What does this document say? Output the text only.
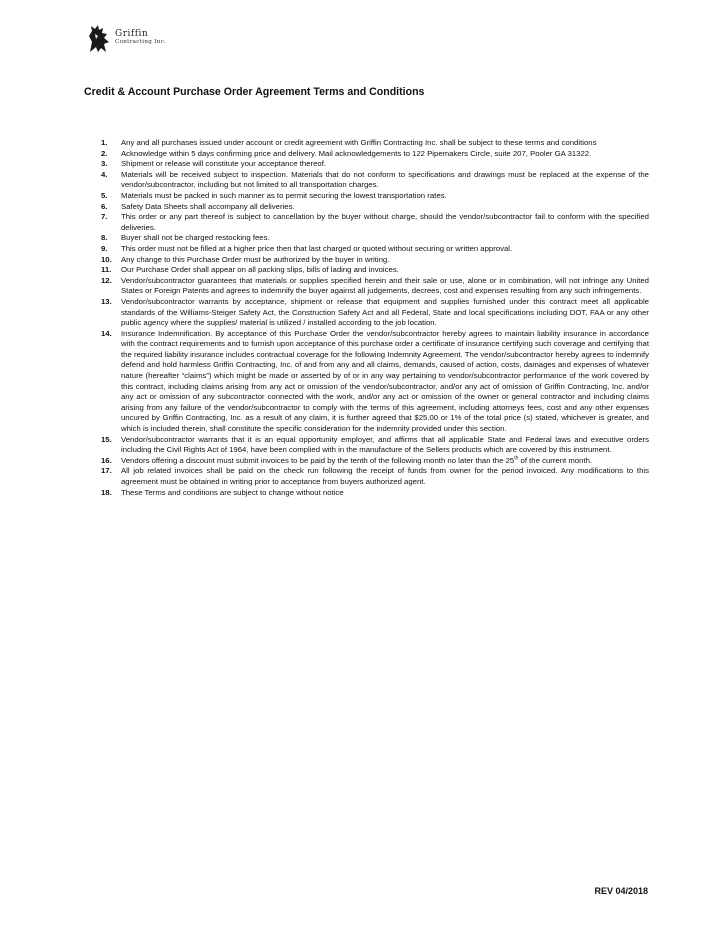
Griffin
Contracting Inc.
Credit & Account Purchase Order Agreement Terms and Conditions
1. Any and all purchases issued under account or credit agreement with Griffin Contracting Inc. shall be subject to these terms and conditions
2. Acknowledge within 5 days confirming price and delivery. Mail acknowledgements to 122 Pipemakers Circle, suite 207, Pooler GA 31322.
3. Shipment or release will constitute your acceptance thereof.
4. Materials will be received subject to inspection. Materials that do not conform to specifications and drawings must be replaced at the expense of the vendor/subcontractor, including but not limited to all transportation charges.
5. Materials must be packed in such manner as to permit securing the lowest transportation rates.
6. Safety Data Sheets shall accompany all deliveries.
7. This order or any part thereof is subject to cancellation by the buyer without charge, should the vendor/subcontractor fail to conform with the specified deliveries.
8. Buyer shall not be charged restocking fees.
9. This order must not be filled at a higher price then that last charged or quoted without securing or written approval.
10. Any change to this Purchase Order must be authorized by the buyer in writing.
11. Our Purchase Order shall appear on all packing slips, bills of lading and invoices.
12. Vendor/subcontractor guarantees that materials or supplies specified herein and their sale or use, alone or in combination, will not infringe any United States or Foreign Patents and agrees to indemnify the buyer against all judgements, decrees, cost and expenses resulting from any such infringements.
13. Vendor/subcontractor warrants by acceptance, shipment or release that equipment and supplies furnished under this contract meet all applicable standards of the Williams-Steiger Safety Act, the Construction Safety Act and all Federal, State and local specifications including DOT, FAA or any other public agency where the supplies/ material is utilized / installed according to the job location.
14. Insurance Indemnification. By acceptance of this Purchase Order the vendor/subcontractor hereby agrees to maintain liability insurance in accordance with the contract requirements and to furnish upon acceptance of this purchase order a certificate of insurance certifying such coverage and certifying that the required liability insurance includes contractual coverage for the following Indemnity Agreement. The vendor/subcontractor hereby agrees to indemnify defend and hold harmless Griffin Contracting, Inc. of and from any and all claims, demands, caused of action, costs, damages and expenses of whatever nature (hereafter “claims”) which might be made or asserted by of or in any way pertaining to vendor/subcontractor performance of the work covered by this contract, including claims arising from any act or omission of the vendor/subcontractor, and/or any act of omission of Griffin Contracting, Inc. and/or any act or omission of any subcontractor connected with the work, and/or any act or omission of the owner or general contractor and including claims arising from any failure of the vendor/subcontractor to comply with the terms of this agreement, including attorneys fees, cost and any other expenses uncured by Griffin Contracting, Inc. as a result of any claim, it is further agreed that $25.00 or 1% of the total price (s) stated, whichever is greater, and which is included therein, shall constitute the specific consideration for the indemnity provided under this section.
15. Vendor/subcontractor warrants that it is an equal opportunity employer, and affirms that all applicable State and Federal laws and executive orders including the Civil Rights Act of 1964, have been complied with in the manufacture of the Sellers products which are covered by this instrument.
16. Vendors offering a discount must submit invoices to be paid by the tenth of the following month no later than the 25th of the current month.
17. All job related invoices shall be paid on the check run following the receipt of funds from owner for the period invoiced. Any modifications to this agreement must be obtained in writing prior to acceptance from buyers authorized agent.
18. These Terms and conditions are subject to change without notice
REV 04/2018
